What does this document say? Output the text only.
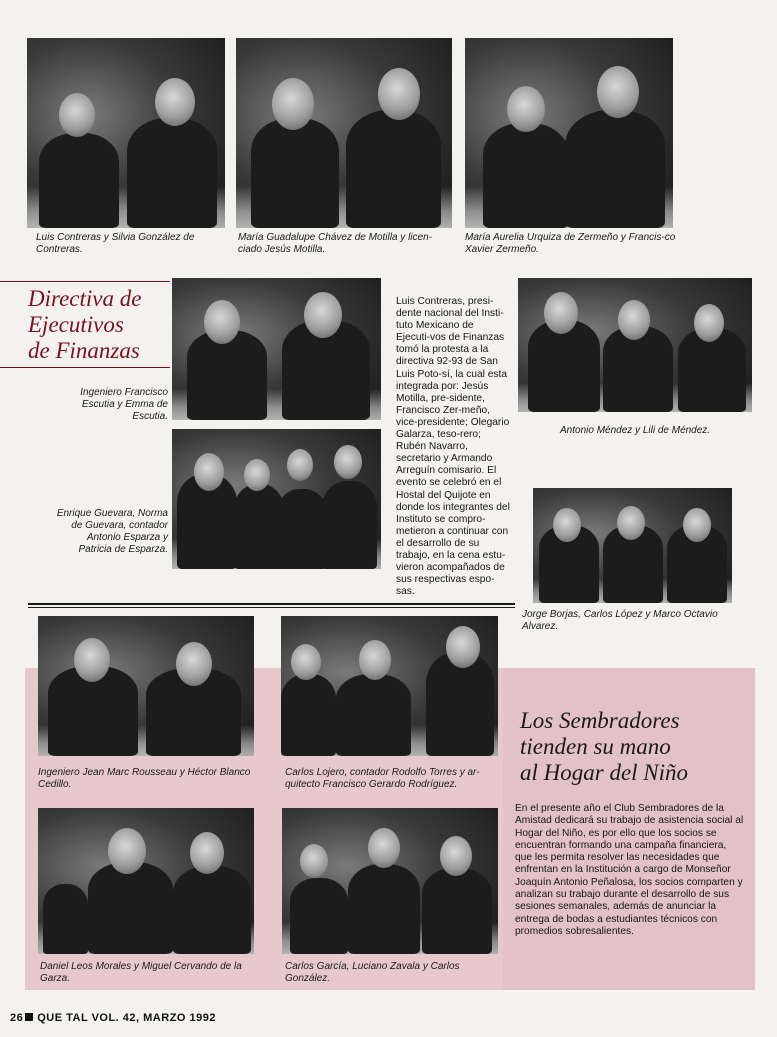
Luis Contreras y Silvia González de Contreras.
María Guadalupe Chávez de Motilla y licen-ciado Jesús Motilla.
María Aurelia Urquiza de Zermeño y Francis-co Xavier Zermeño.
Directiva de
Ejecutivos
de Finanzas
Ingeniero Francisco Escutia y Emma de Escutia.
Enrique Guevara, Norma de Guevara, contador Antonio Esparza y Patricia de Esparza.
Luis Contreras, presi-dente nacional del Insti-tuto Mexicano de Ejecuti-vos de Finanzas tomó la protesta a la directiva 92-93 de San Luis Poto-sí, la cual esta integrada por: Jesús Motilla, pre-sidente, Francisco Zer-meño, vice-presidente; Olegario Galarza, teso-rero; Rubén Navarro, secretario y Armando Arreguín comisario. El evento se celebró en el Hostal del Quijote en donde los integrantes del Instituto se compro-metieron a continuar con el desarrollo de su trabajo, en la cena estu-vieron acompañados de sus respectivas espo-sas.
Antonio Méndez y Lili de Méndez.
Jorge Borjas, Carlos López y Marco Octavio Alvarez.
Ingeniero Jean Marc Rousseau y Héctor Blanco Cedillo.
Carlos Lojero, contador Rodolfo Torres y ar-quitecto Francisco Gerardo Rodríguez.
Daniel Leos Morales y Miguel Cervando de la Garza.
Carlos García, Luciano Zavala y Carlos González.
Los Sembradores
tienden su mano
al Hogar del Niño
En el presente año el Club Sembradores de la Amistad dedicará su trabajo de asistencia social al Hogar del Niño, es por ello que los socios se encuentran formando una campaña financiera, que les permita resolver las necesidades que enfrentan en la Institución a cargo de Monseñor Joaquín Antonio Peñalosa, los socios comparten y analizan su trabajo durante el desarrollo de sus sesiones semanales, además de anunciar la entrega de bodas a estudiantes técnicos con promedios sobresalientes.
26 QUE TAL VOL. 42, MARZO 1992
